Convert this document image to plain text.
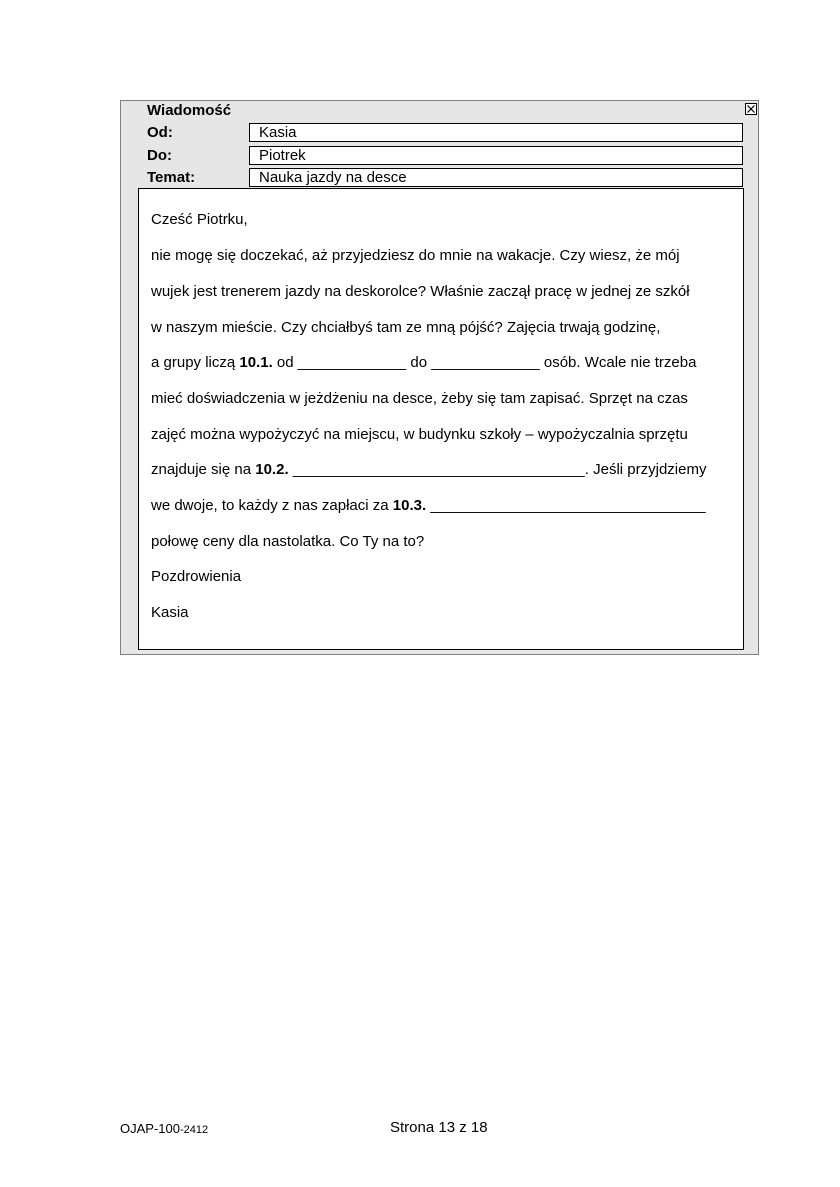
Wiadomość
Od:	Kasia
Do:	Piotrek
Temat:	Nauka jazdy na desce
Cześć Piotrku,
nie mogę się doczekać, aż przyjedziesz do mnie na wakacje. Czy wiesz, że mój
wujek jest trenerem jazdy na deskorolce? Właśnie zaczął pracę w jednej ze szkół
w naszym mieście. Czy chciałbyś tam ze mną pójść? Zajęcia trwają godzinę,
a grupy liczą 10.1. od _____________ do _____________ osób. Wcale nie trzeba
mieć doświadczenia w jeżdżeniu na desce, żeby się tam zapisać. Sprzęt na czas
zajęć można wypożyczyć na miejscu, w budynku szkoły – wypożyczalnia sprzętu
znajduje się na 10.2. ___________________________________. Jeśli przyjdziemy
we dwoje, to każdy z nas zapłaci za 10.3. _________________________________
połowę ceny dla nastolatka. Co Ty na to?
Pozdrowienia
Kasia
OJAP-100-2412	Strona 13 z 18
